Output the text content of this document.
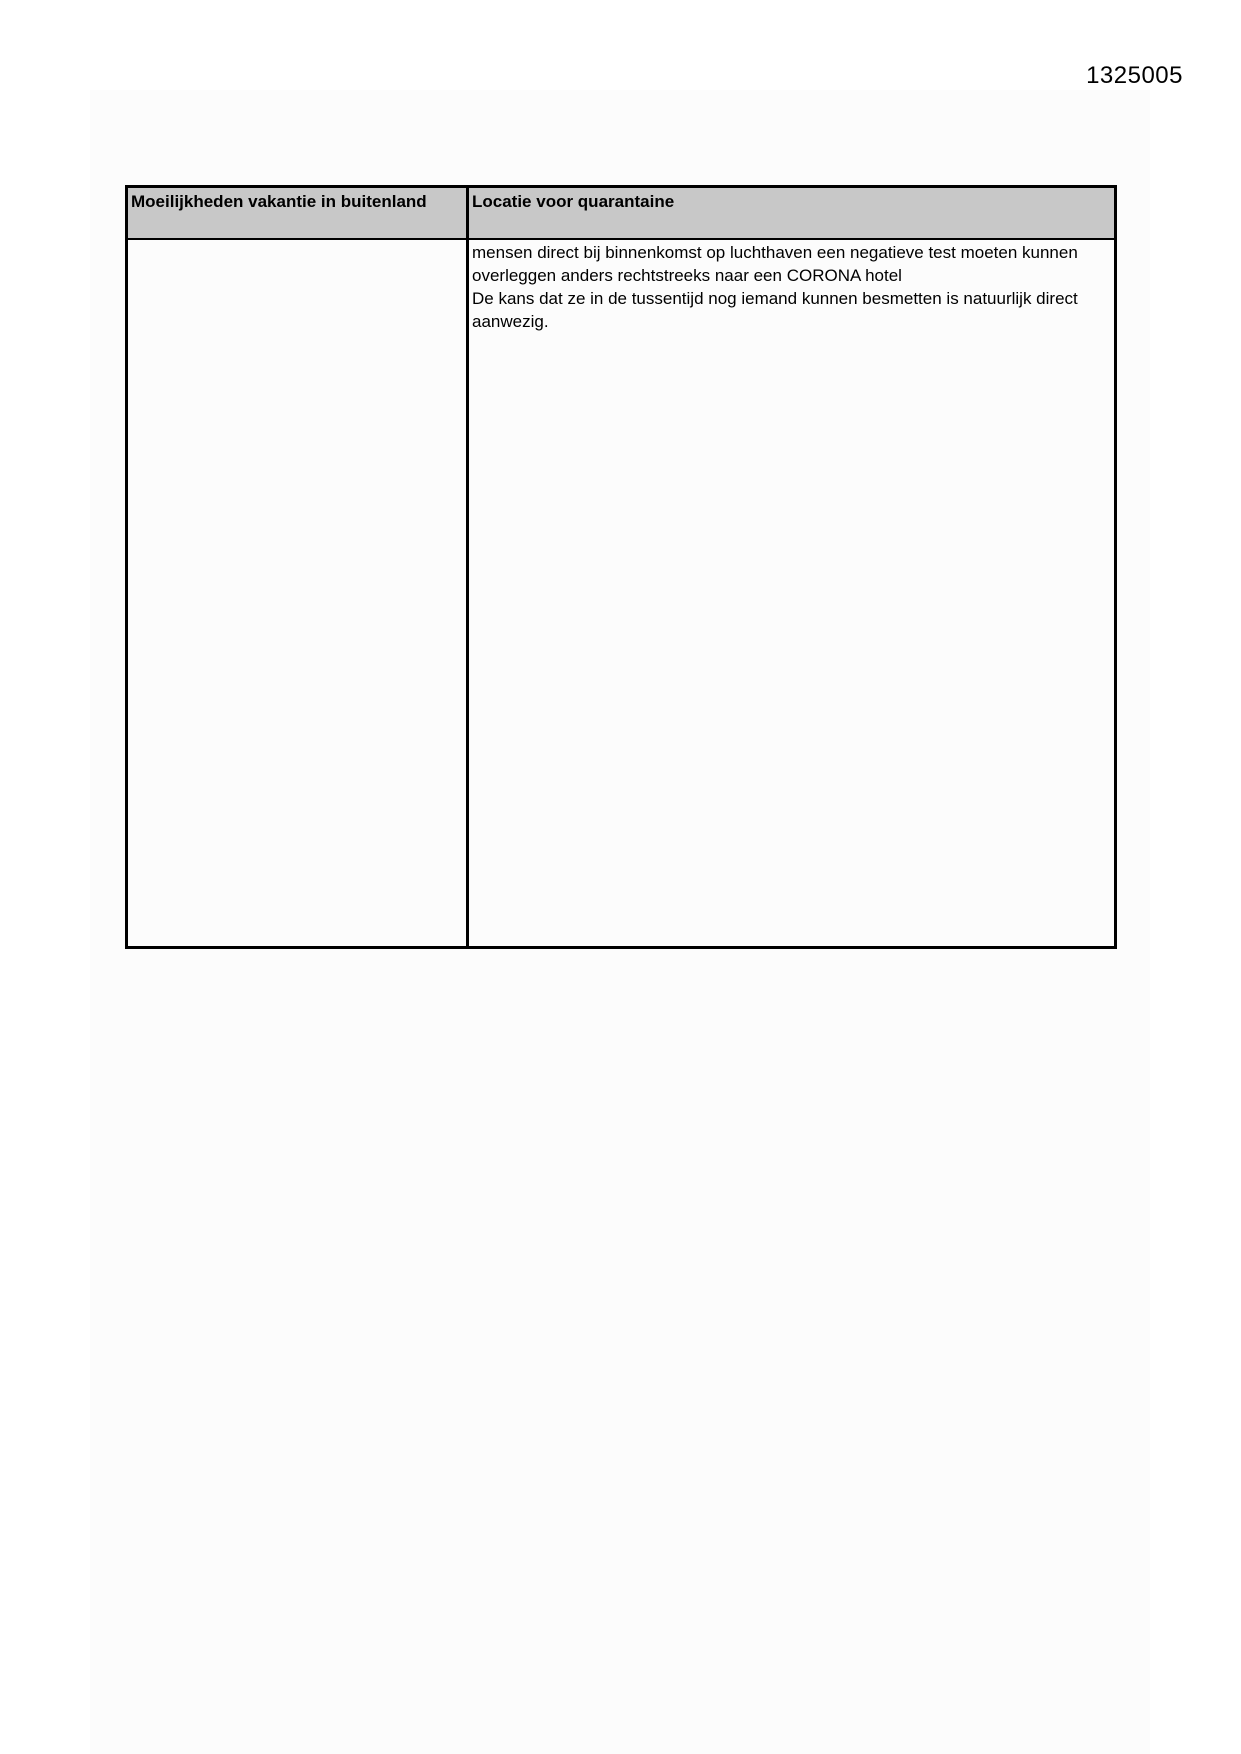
1325005
Moeilijkheden vakantie in buitenland	Locatie voor quarantaine
mensen direct bij binnenkomst op luchthaven een negatieve test moeten kunnen overleggen anders rechtstreeks naar een CORONA hotel
De kans dat ze in de tussentijd nog iemand kunnen besmetten is natuurlijk direct aanwezig.
